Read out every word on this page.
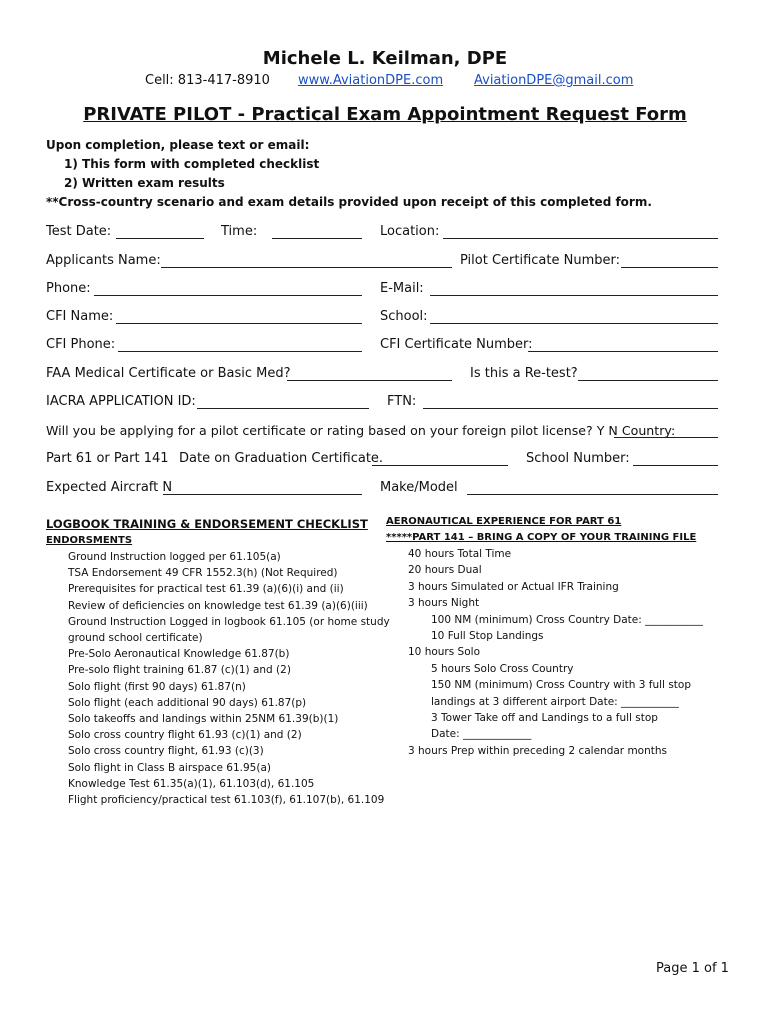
Michele L. Keilman, DPE
Cell: 813-417-8910 www.AviationDPE.com AviationDPE@gmail.com
PRIVATE PILOT - Practical Exam Appointment Request Form
Upon completion, please text or email:
1) This form with completed checklist
2) Written exam results
**Cross-country scenario and exam details provided upon receipt of this completed form.
Test Date:	Time:	Location:
Applicants Name:	Pilot Certificate Number:
Phone:	E-Mail:
CFI Name:	School:
CFI Phone:	CFI Certificate Number:
FAA Medical Certificate or Basic Med?	Is this a Re-test?
IACRA APPLICATION ID:	FTN:
Will you be applying for a pilot certificate or rating based on your foreign pilot license? Y N Country:
Part 61 or Part 141 Date on Graduation Certificate.	School Number:
Expected Aircraft N	Make/Model
LOGBOOK TRAINING & ENDORSEMENT CHECKLIST
ENDORSMENTS
Ground Instruction logged per 61.105(a)
TSA Endorsement 49 CFR 1552.3(h) (Not Required)
Prerequisites for practical test 61.39 (a)(6)(i) and (ii)
Review of deficiencies on knowledge test 61.39 (a)(6)(iii)
Ground Instruction Logged in logbook 61.105 (or home study
ground school certificate)
Pre-Solo Aeronautical Knowledge 61.87(b)
Pre-solo flight training 61.87 (c)(1) and (2)
Solo flight (first 90 days) 61.87(n)
Solo flight (each additional 90 days) 61.87(p)
Solo takeoffs and landings within 25NM 61.39(b)(1)
Solo cross country flight 61.93 (c)(1) and (2)
Solo cross country flight, 61.93 (c)(3)
Solo flight in Class B airspace 61.95(a)
Knowledge Test 61.35(a)(1), 61.103(d), 61.105
Flight proficiency/practical test 61.103(f), 61.107(b), 61.109
AERONAUTICAL EXPERIENCE FOR PART 61
*****PART 141 – BRING A COPY OF YOUR TRAINING FILE
40 hours Total Time
20 hours Dual
3 hours Simulated or Actual IFR Training
3 hours Night
100 NM (minimum) Cross Country Date: ___________
10 Full Stop Landings
10 hours Solo
5 hours Solo Cross Country
150 NM (minimum) Cross Country with 3 full stop
landings at 3 different airport Date: ___________
3 Tower Take off and Landings to a full stop
Date: _____________
3 hours Prep within preceding 2 calendar months
Page 1 of 1
